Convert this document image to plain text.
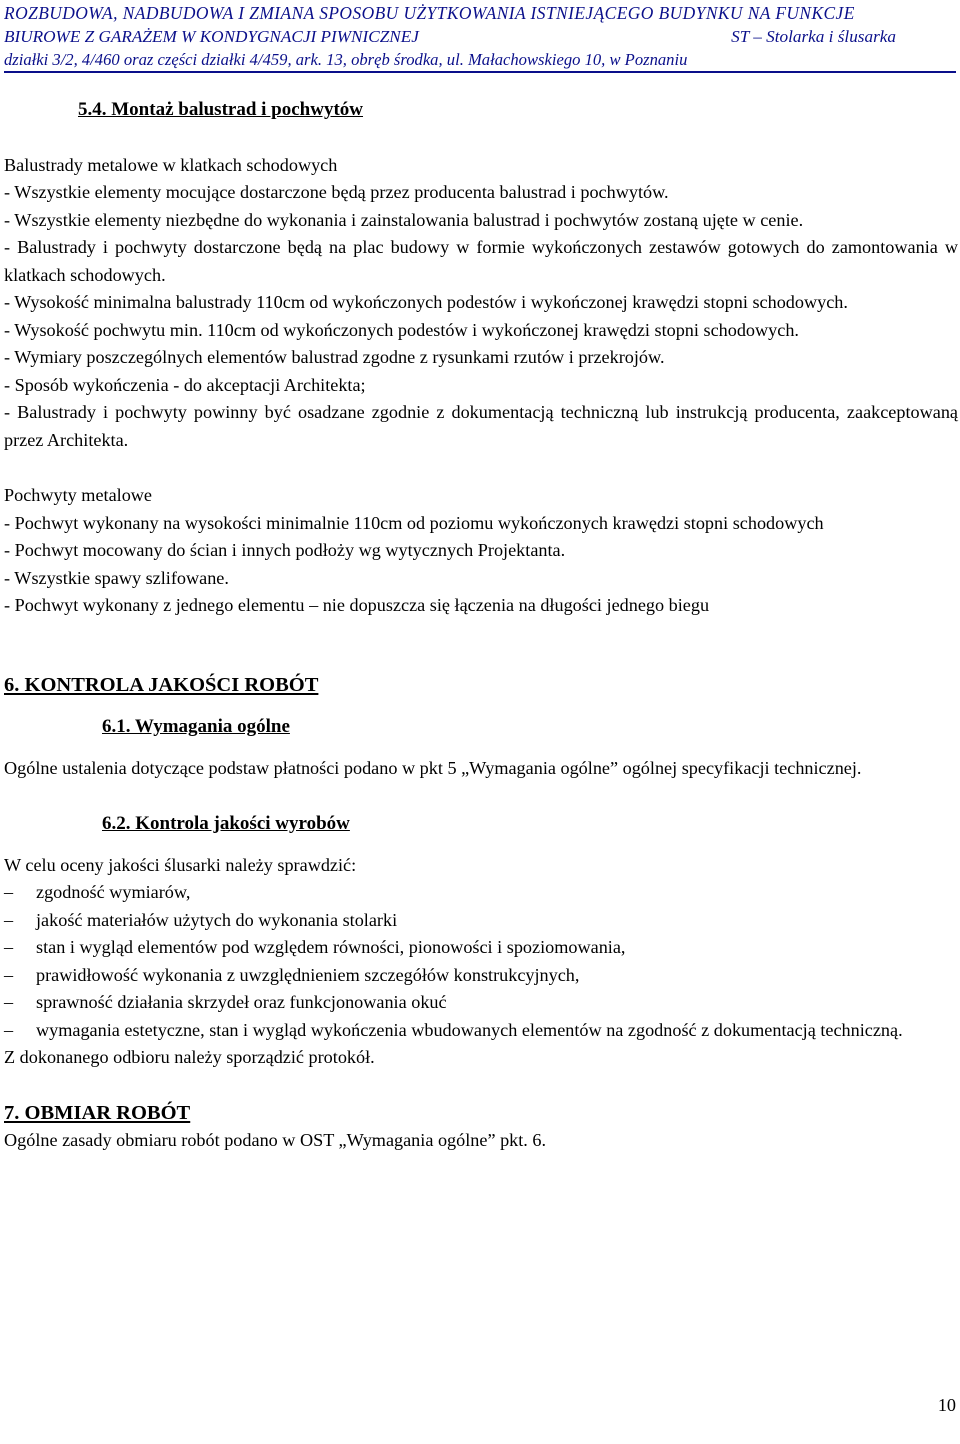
ROZBUDOWA, NADBUDOWA I ZMIANA SPOSOBU UŻYTKOWANIA ISTNIEJĄCEGO BUDYNKU NA FUNKCJE
BIUROWE Z GARAŻEM W KONDYGNACJI PIWNICZNEJ	ST – Stolarka i ślusarka
działki 3/2, 4/460 oraz części działki 4/459, ark. 13, obręb środka, ul. Małachowskiego 10, w Poznaniu
5.4. Montaż balustrad i pochwytów
Balustrady metalowe w klatkach schodowych
- Wszystkie elementy mocujące dostarczone będą przez producenta balustrad i pochwytów.
- Wszystkie elementy niezbędne do wykonania i zainstalowania balustrad i pochwytów zostaną ujęte w cenie.
- Balustrady i pochwyty dostarczone będą na plac budowy w formie wykończonych zestawów gotowych do zamontowania w klatkach schodowych.
- Wysokość minimalna balustrady 110cm od wykończonych podestów i wykończonej krawędzi stopni schodowych.
- Wysokość pochwytu min. 110cm od wykończonych podestów i wykończonej krawędzi stopni schodowych.
- Wymiary poszczególnych elementów balustrad zgodne z rysunkami rzutów i przekrojów.
- Sposób wykończenia - do akceptacji Architekta;
- Balustrady i pochwyty powinny być osadzane zgodnie z dokumentacją techniczną lub instrukcją producenta, zaakceptowaną przez Architekta.
Pochwyty metalowe
- Pochwyt wykonany na wysokości minimalnie 110cm od poziomu wykończonych krawędzi stopni schodowych
- Pochwyt mocowany do ścian i innych podłoży wg wytycznych Projektanta.
- Wszystkie spawy szlifowane.
- Pochwyt wykonany z jednego elementu – nie dopuszcza się łączenia na długości jednego biegu
6. KONTROLA JAKOŚCI ROBÓT
6.1. Wymagania ogólne
Ogólne ustalenia dotyczące podstaw płatności podano w pkt 5 „Wymagania ogólne” ogólnej specyfikacji technicznej.
6.2. Kontrola jakości wyrobów
W celu oceny jakości ślusarki należy sprawdzić:
–	zgodność wymiarów,
–	jakość materiałów użytych do wykonania stolarki
–	stan i wygląd elementów pod względem równości, pionowości i spoziomowania,
–	prawidłowość wykonania z uwzględnieniem szczegółów konstrukcyjnych,
–	sprawność działania skrzydeł oraz funkcjonowania okuć
–	wymagania estetyczne, stan i wygląd wykończenia wbudowanych elementów na zgodność z dokumentacją techniczną.
Z dokonanego odbioru należy sporządzić protokół.
7. OBMIAR ROBÓT
Ogólne zasady obmiaru robót podano w OST „Wymagania ogólne” pkt. 6.
10
